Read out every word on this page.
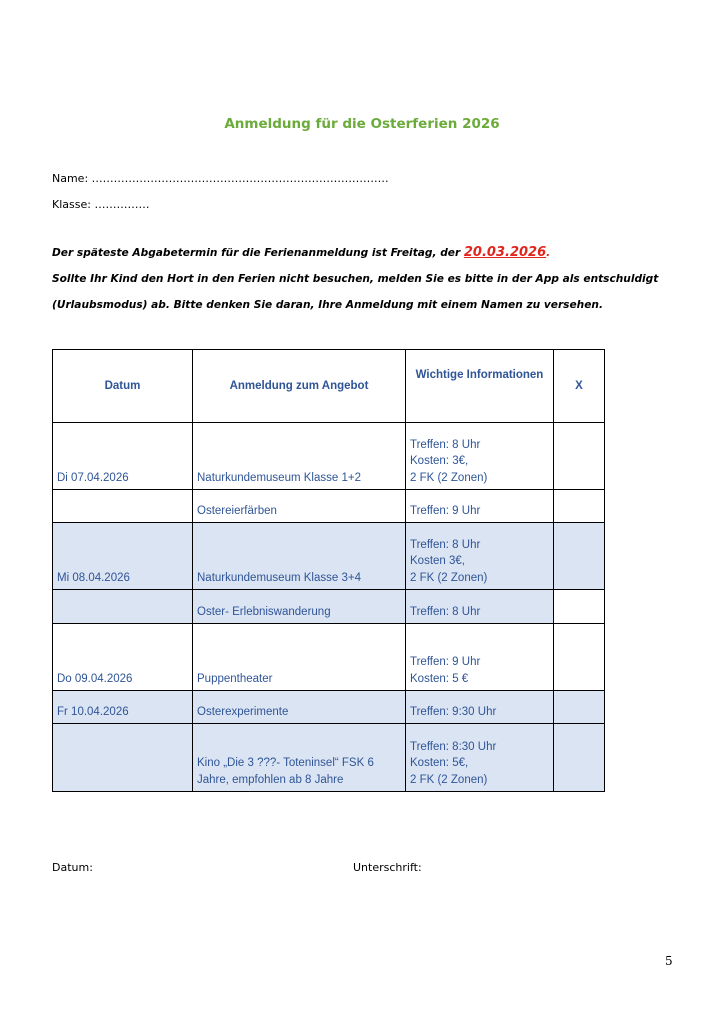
Anmeldung für die Osterferien 2026
Name: ………………………………………………………………………
Klasse: ……………
Der späteste Abgabetermin für die Ferienanmeldung ist Freitag, der 20.03.2026.
Sollte Ihr Kind den Hort in den Ferien nicht besuchen, melden Sie es bitte in der App als entschuldigt
(Urlaubsmodus) ab. Bitte denken Sie daran, Ihre Anmeldung mit einem Namen zu versehen.
Datum	Anmeldung zum Angebot	Wichtige Informationen	X
Di 07.04.2026	Naturkundemuseum Klasse 1+2	Treffen: 8 Uhr
Kosten: 3€,
2 FK (2 Zonen)	

	Ostereierfärben	Treffen: 9 Uhr	

Mi 08.04.2026	Naturkundemuseum Klasse 3+4	Treffen: 8 Uhr
Kosten 3€,
2 FK (2 Zonen)	

	Oster- Erlebniswanderung	Treffen: 8 Uhr	

Do 09.04.2026	Puppentheater	Treffen: 9 Uhr
Kosten: 5 €	

Fr 10.04.2026	Osterexperimente	Treffen: 9:30 Uhr	

	Kino „Die 3 ???- Toteninsel“ FSK 6 Jahre, empfohlen ab 8 Jahre	Treffen: 8:30 Uhr
Kosten: 5€,
2 FK (2 Zonen)	

Datum:	Unterschrift:
5
